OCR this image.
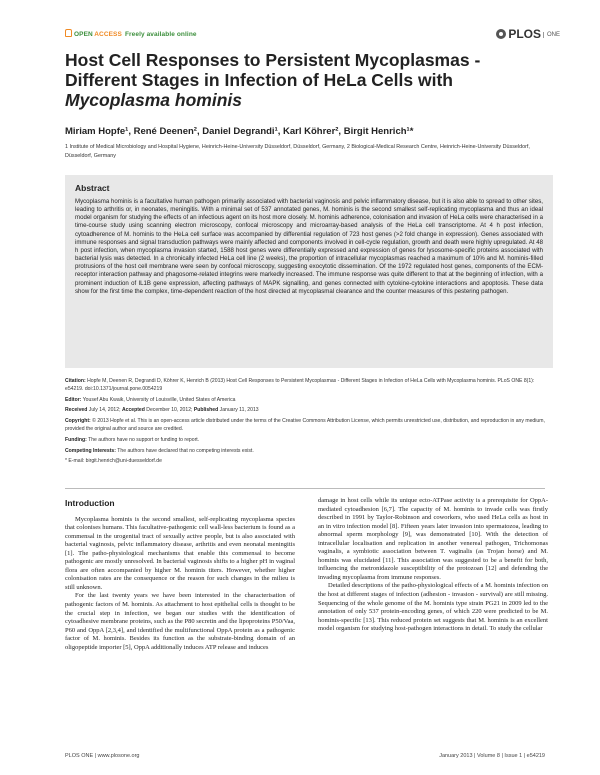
OPEN ACCESS Freely available online	PLOS ONE
Host Cell Responses to Persistent Mycoplasmas - Different Stages in Infection of HeLa Cells with Mycoplasma hominis
Miriam Hopfe¹, René Deenen², Daniel Degrandi¹, Karl Köhrer², Birgit Henrich¹*
1 Institute of Medical Microbiology and Hospital Hygiene, Heinrich-Heine-University Düsseldorf, Düsseldorf, Germany, 2 Biological-Medical Research Centre, Heinrich-Heine-University Düsseldorf, Düsseldorf, Germany
Abstract

Mycoplasma hominis is a facultative human pathogen primarily associated with bacterial vaginosis and pelvic inflammatory disease, but it is also able to spread to other sites, leading to arthritis or, in neonates, meningitis. With a minimal set of 537 annotated genes, M. hominis is the second smallest self-replicating mycoplasma and thus an ideal model organism for studying the effects of an infectious agent on its host more closely. M. hominis adherence, colonisation and invasion of HeLa cells were characterised in a time-course study using scanning electron microscopy, confocal microscopy and microarray-based analysis of the HeLa cell transcriptome. At 4 h post infection, cytoadherence of M. hominis to the HeLa cell surface was accompanied by differential regulation of 723 host genes (>2 fold change in expression). Genes associated with immune responses and signal transduction pathways were mainly affected and components involved in cell-cycle regulation, growth and death were highly upregulated. At 48 h post infection, when mycoplasma invasion started, 1588 host genes were differentially expressed and expression of genes for lysosome-specific proteins associated with bacterial lysis was detected. In a chronically infected HeLa cell line (2 weeks), the proportion of intracellular mycoplasmas reached a maximum of 10% and M. hominis-filled protrusions of the host cell membrane were seen by confocal microscopy, suggesting exocytotic dissemination. Of the 1972 regulated host genes, components of the ECM-receptor interaction pathway and phagosome-related integrins were markedly increased. The immune response was quite different to that at the beginning of infection, with a prominent induction of IL1B gene expression, affecting pathways of MAPK signalling, and genes connected with cytokine-cytokine interactions and apoptosis. These data show for the first time the complex, time-dependent reaction of the host directed at mycoplasmal clearance and the counter measures of this pestering pathogen.

Citation: Hopfe M, Deenen R, Degrandi D, Köhrer K, Henrich B (2013) Host Cell Responses to Persistent Mycoplasmas - Different Stages in Infection of HeLa Cells with Mycoplasma hominis. PLoS ONE 8(1): e54219. doi:10.1371/journal.pone.0054219

Editor: Yousef Abu Kwaik, University of Louisville, United States of America

Received July 14, 2012; Accepted December 10, 2012; Published January 11, 2013

Copyright: © 2013 Hopfe et al. This is an open-access article distributed under the terms of the Creative Commons Attribution License, which permits unrestricted use, distribution, and reproduction in any medium, provided the original author and source are credited.

Funding: The authors have no support or funding to report.

Competing Interests: The authors have declared that no competing interests exist.

* E-mail: birgit.henrich@uni-duesseldorf.de

Introduction

Mycoplasma hominis is the second smallest, self-replicating mycoplasma species that colonises humans. This facultative-pathogenic cell wall-less bacterium is found as a commensal in the urogenital tract of sexually active people, but is also associated with bacterial vaginosis, pelvic inflammatory disease, arthritis and even neonatal meningitis [1]. The patho-physiological mechanisms that enable this commensal to become pathogenic are mostly unresolved. In bacterial vaginosis shifts to a higher pH in vaginal flora are often accompanied by higher M. hominis titers. However, whether higher colonisation rates are the consequence or the reason for such changes in the milieu is still unknown.

For the last twenty years we have been interested in the characterisation of pathogenic factors of M. hominis. As attachment to host epithelial cells is thought to be the crucial step in infection, we began our studies with the identification of cytoadhesive membrane proteins, such as the P80 secretin and the lipoproteins P50/Vaa, P60 and OppA [2,3,4], and identified the multifunctional OppA protein as a pathogenic factor of M. hominis. Besides its function as the substrate-binding domain of an oligopeptide importer [5], OppA additionally induces ATP release and induces

damage in host cells while its unique ecto-ATPase activity is a prerequisite for OppA-mediated cytoadhesion [6,7]. The capacity of M. hominis to invade cells was firstly described in 1991 by Taylor-Robinson and coworkers, who used HeLa cells as host in an in vitro infection model [8]. Fifteen years later invasion into spermatozoa, leading to abnormal sperm morphology [9], was demonstrated [10]. With the detection of intracellular localisation and replication in another venereal pathogen, Trichomonas vaginalis, a symbiotic association between T. vaginalis (as Trojan horse) and M. hominis was elucidated [11]. This association was suggested to be a benefit for both, influencing the metronidazole susceptibility of the protozoan [12] and defending the invading mycoplasma from immune responses.

Detailed descriptions of the patho-physiological effects of a M. hominis infection on the host at different stages of infection (adhesion - invasion - survival) are still missing. Sequencing of the whole genome of the M. hominis type strain PG21 in 2009 led to the annotation of only 537 protein-encoding genes, of which 220 were predicted to be M. hominis-specific [13]. This reduced protein set suggests that M. hominis is an excellent model organism for studying host-pathogen interactions in detail. To study the cellular

PLOS ONE | www.plosone.org	January 2013 | Volume 8 | Issue 1 | e54219
